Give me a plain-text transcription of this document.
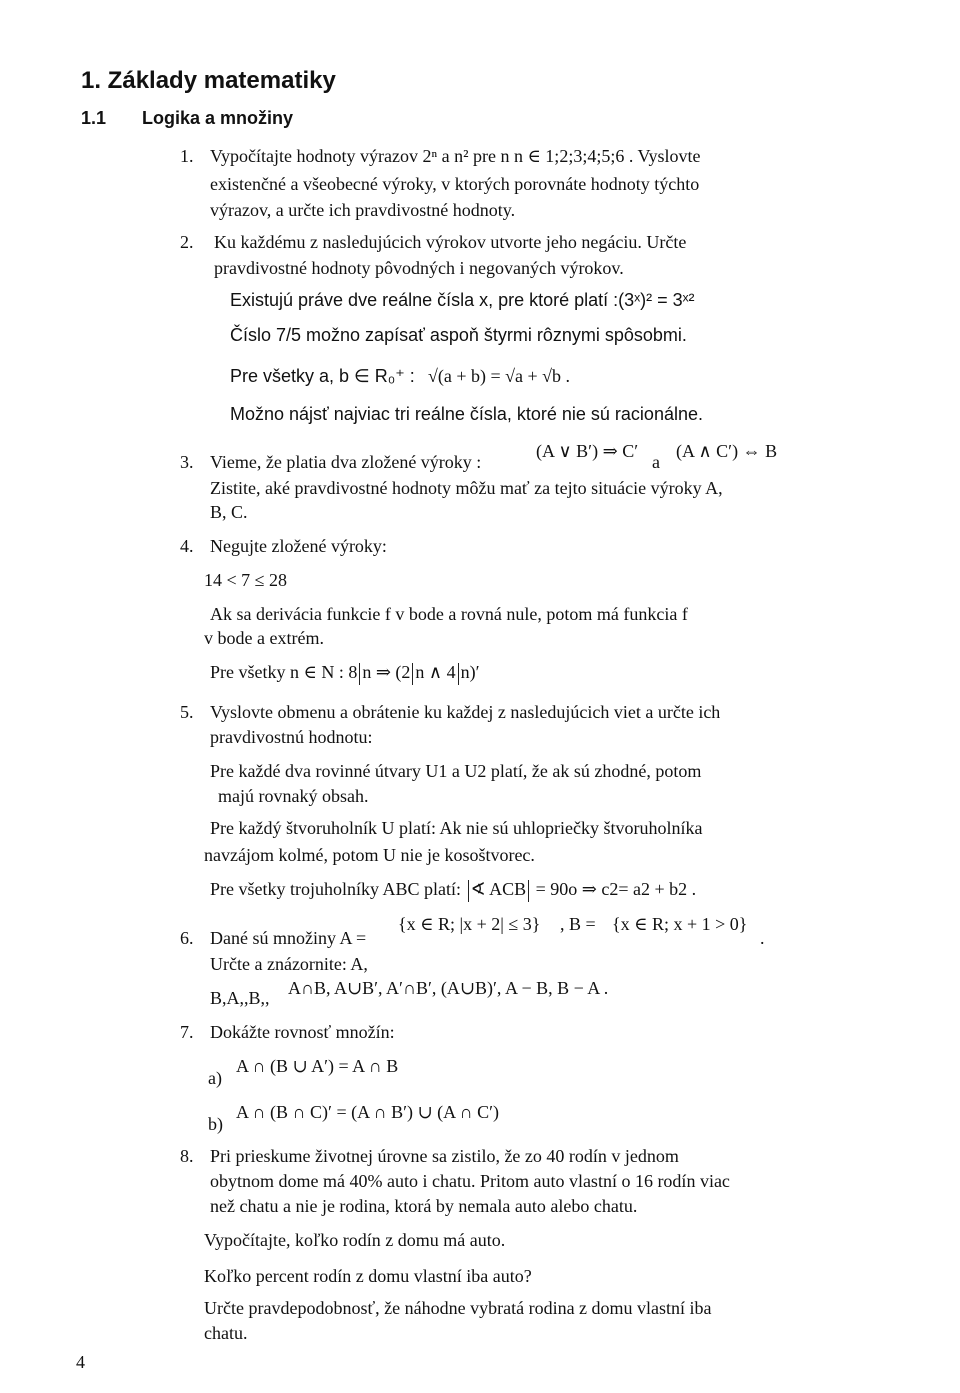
1. Základy matematiky
1.1 Logika a množiny
1. Vypočítajte hodnoty výrazov 2ⁿ a n² pre n n ∈ 1;2;3;4;5;6 . Vyslovte
existenčné a všeobecné výroky, v ktorých porovnáte hodnoty týchto
výrazov, a určte ich pravdivostné hodnoty.
2. Ku každému z nasledujúcich výrokov utvorte jeho negáciu. Určte
pravdivostné hodnoty pôvodných i negovaných výrokov.
Existujú práve dve reálne čísla x, pre ktoré platí :(3ˣ)² = 3ˣ²
Číslo 7/5 možno zapísať aspoň štyrmi rôznymi spôsobmi.
Pre všetky a, b ∈ R₀⁺ : √(a + b) = √a + √b .
Možno nájsť najviac tri reálne čísla, ktoré nie sú racionálne.
3. Vieme, že platia dva zložené výroky :
(A ∨ B′) ⇒ C′
a
(A ∧ C′) ⇔ B
Zistite, aké pravdivostné hodnoty môžu mať za tejto situácie výroky A,
B, C.
4. Negujte zložené výroky:
14 < 7 ≤ 28
Ak sa derivácia funkcie f v bode a rovná nule, potom má funkcia f
v bode a extrém.
Pre všetky n ∈ N : 8 n ⇒ (2 n ∧ 4 n)′
5. Vyslovte obmenu a obrátenie ku každej z nasledujúcich viet a určte ich
pravdivostnú hodnotu:
Pre každé dva rovinné útvary U1 a U2 platí, že ak sú zhodné, potom
majú rovnaký obsah.
Pre každý štvoruholník U platí: Ak nie sú uhlopriečky štvoruholníka
navzájom kolmé, potom U nie je kosoštvorec.
Pre všetky trojuholníky ABC platí: ∢ ACB = 90o ⇒ c2= a2 + b2 .
6. Dané sú množiny A =
{x ∈ R; |x + 2| ≤ 3} , B = {x ∈ R; x + 1 > 0}
.
Určte a znázornite: A,
B,A,,B,, A∩B, A∪B′, A′∩B′, (A∪B)′, A − B, B − A .
7. Dokážte rovnosť množín:
a)
A ∩ (B ∪ A′) = A ∩ B
b)
A ∩ (B ∩ C)′ = (A ∩ B′) ∪ (A ∩ C′)
8. Pri prieskume životnej úrovne sa zistilo, že zo 40 rodín v jednom
obytnom dome má 40% auto i chatu. Pritom auto vlastní o 16 rodín viac
než chatu a nie je rodina, ktorá by nemala auto alebo chatu.
Vypočítajte, koľko rodín z domu má auto.
Koľko percent rodín z domu vlastní iba auto?
Určte pravdepodobnosť, že náhodne vybratá rodina z domu vlastní iba
chatu.
4
